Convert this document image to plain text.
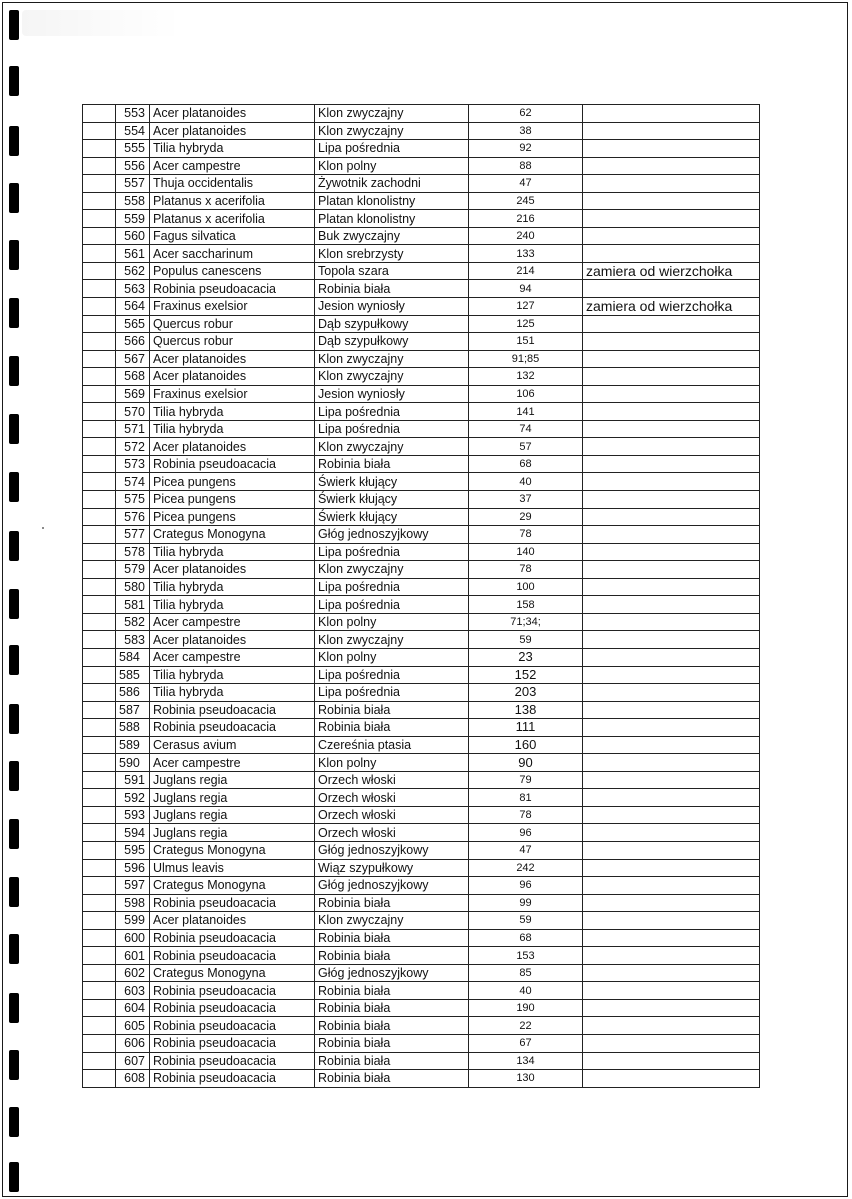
	553	Acer platanoides	Klon zwyczajny	62	
	554	Acer platanoides	Klon zwyczajny	38	
	555	Tilia hybryda	Lipa pośrednia	92	
	556	Acer campestre	Klon polny	88	
	557	Thuja occidentalis	Żywotnik zachodni	47	
	558	Platanus x acerifolia	Platan klonolistny	245	
	559	Platanus x acerifolia	Platan klonolistny	216	
	560	Fagus silvatica	Buk zwyczajny	240	
	561	Acer saccharinum	Klon srebrzysty	133	
	562	Populus canescens	Topola szara	214	zamiera od wierzchołka
	563	Robinia pseudoacacia	Robinia biała	94	
	564	Fraxinus exelsior	Jesion wyniosły	127	zamiera od wierzchołka
	565	Quercus robur	Dąb szypułkowy	125	
	566	Quercus robur	Dąb szypułkowy	151	
	567	Acer platanoides	Klon zwyczajny	91;85	
	568	Acer platanoides	Klon zwyczajny	132	
	569	Fraxinus exelsior	Jesion wyniosły	106	
	570	Tilia hybryda	Lipa pośrednia	141	
	571	Tilia hybryda	Lipa pośrednia	74	
	572	Acer platanoides	Klon zwyczajny	57	
	573	Robinia pseudoacacia	Robinia biała	68	
	574	Picea pungens	Świerk kłujący	40	
	575	Picea pungens	Świerk kłujący	37	
	576	Picea pungens	Świerk kłujący	29	
	577	Crategus Monogyna	Głóg jednoszyjkowy	78	
	578	Tilia hybryda	Lipa pośrednia	140	
	579	Acer platanoides	Klon zwyczajny	78	
	580	Tilia hybryda	Lipa pośrednia	100	
	581	Tilia hybryda	Lipa pośrednia	158	
	582	Acer campestre	Klon polny	71;34;	
	583	Acer platanoides	Klon zwyczajny	59	
	584	Acer campestre	Klon polny	23	
	585	Tilia hybryda	Lipa pośrednia	152	
	586	Tilia hybryda	Lipa pośrednia	203	
	587	Robinia pseudoacacia	Robinia biała	138	
	588	Robinia pseudoacacia	Robinia biała	111	
	589	Cerasus avium	Czereśnia ptasia	160	
	590	Acer campestre	Klon polny	90	
	591	Juglans regia	Orzech włoski	79	
	592	Juglans regia	Orzech włoski	81	
	593	Juglans regia	Orzech włoski	78	
	594	Juglans regia	Orzech włoski	96	
	595	Crategus Monogyna	Głóg jednoszyjkowy	47	
	596	Ulmus leavis	Wiąz szypułkowy	242	
	597	Crategus Monogyna	Głóg jednoszyjkowy	96	
	598	Robinia pseudoacacia	Robinia biała	99	
	599	Acer platanoides	Klon zwyczajny	59	
	600	Robinia pseudoacacia	Robinia biała	68	
	601	Robinia pseudoacacia	Robinia biała	153	
	602	Crategus Monogyna	Głóg jednoszyjkowy	85	
	603	Robinia pseudoacacia	Robinia biała	40	
	604	Robinia pseudoacacia	Robinia biała	190	
	605	Robinia pseudoacacia	Robinia biała	22	
	606	Robinia pseudoacacia	Robinia biała	67	
	607	Robinia pseudoacacia	Robinia biała	134	
	608	Robinia pseudoacacia	Robinia biała	130	
